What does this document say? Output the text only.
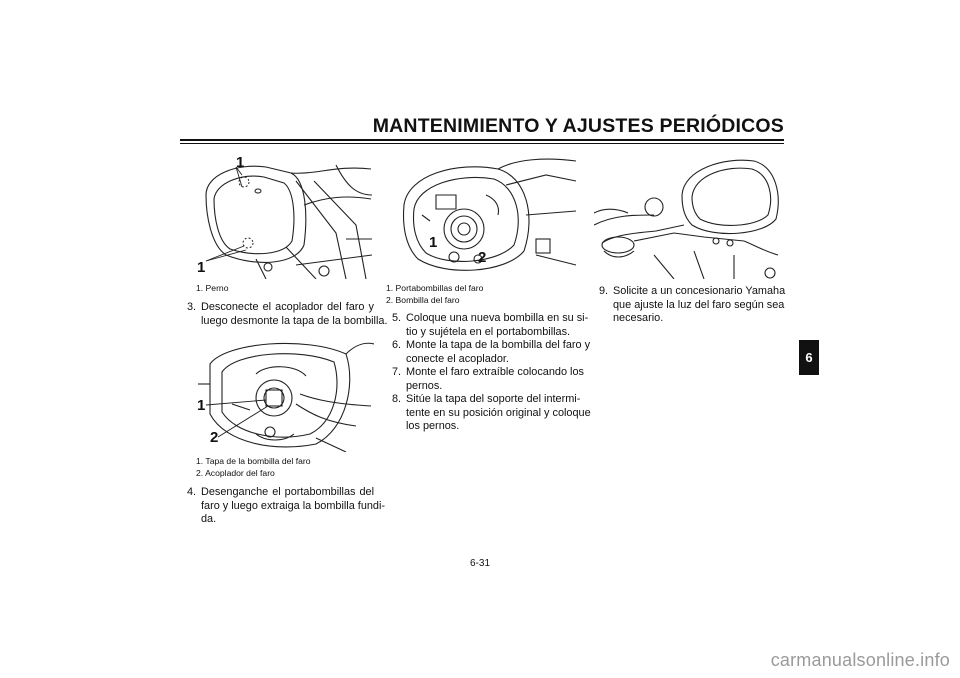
MANTENIMIENTO Y AJUSTES PERIÓDICOS
1
1
1. Perno
3. Desconecte el acoplador del faro y
luego desmonte la tapa de la bombilla.
1
2
1. Tapa de la bombilla del faro
2. Acoplador del faro
4. Desenganche el portabombillas del
faro y luego extraiga la bombilla fundi-
da.
1
2
1. Portabombillas del faro
2. Bombilla del faro
5. Coloque una nueva bombilla en su si-
tio y sujétela en el portabombillas.
6. Monte la tapa de la bombilla del faro y
conecte el acoplador.
7. Monte el faro extraíble colocando los
pernos.
8. Sitúe la tapa del soporte del intermi-
tente en su posición original y coloque
los pernos.
9. Solicite a un concesionario Yamaha
que ajuste la luz del faro según sea
necesario.
6
6-31
carmanualsonline.info
